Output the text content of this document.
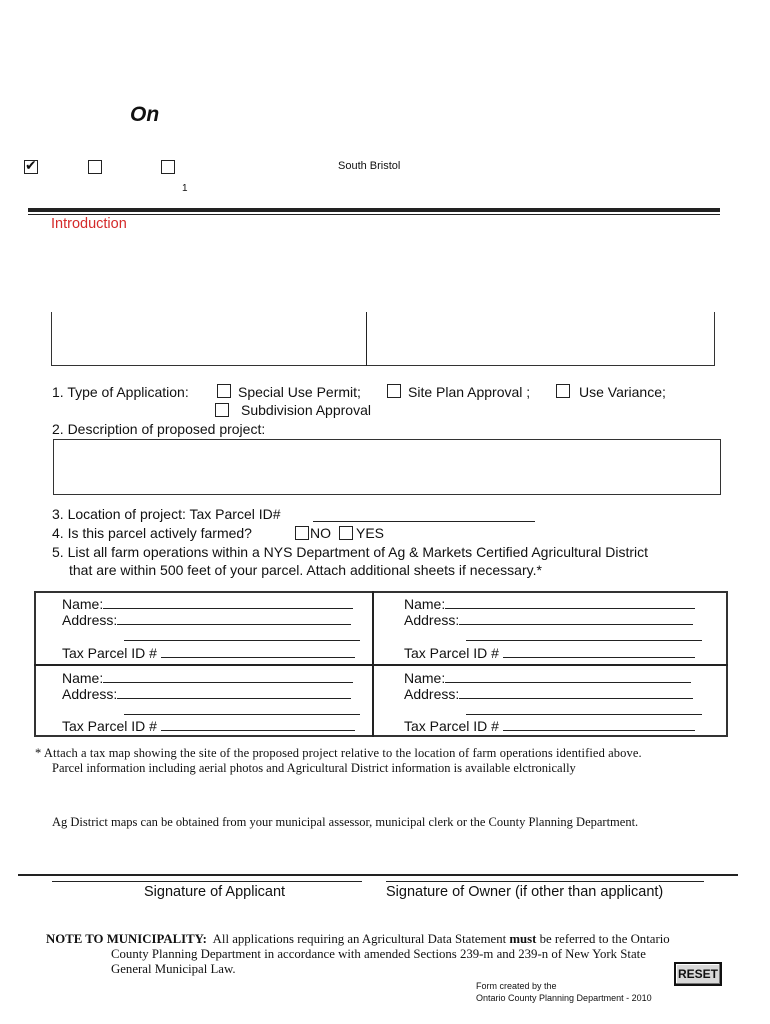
On
✔
South Bristol
1
Introduction
1. Type of Application:	Special Use Permit;	Site Plan Approval ;	Use Variance;
Subdivision Approval
2. Description of proposed project:
3. Location of project: Tax Parcel ID#
4. Is this parcel actively farmed?	NO YES
5. List all farm operations within a NYS Department of Ag & Markets Certified Agricultural District
that are within 500 feet of your parcel. Attach additional sheets if necessary.*
Name:
Address:
Tax Parcel ID #
Name:
Address:
Tax Parcel ID #
Name:
Address:
Tax Parcel ID #
Name:
Address:
Tax Parcel ID #
* Attach a tax map showing the site of the proposed project relative to the location of farm operations identified above.
Parcel information including aerial photos and Agricultural District information is available elctronically
Ag District maps can be obtained from your municipal assessor, municipal clerk or the County Planning Department.
Signature of Applicant	Signature of Owner (if other than applicant)
NOTE TO MUNICIPALITY:  All applications requiring an Agricultural Data Statement must be referred to the Ontario
County Planning Department in accordance with amended Sections 239-m and 239-n of New York State
General Municipal Law.	RESET
Form created by the
Ontario County Planning Department - 2010
